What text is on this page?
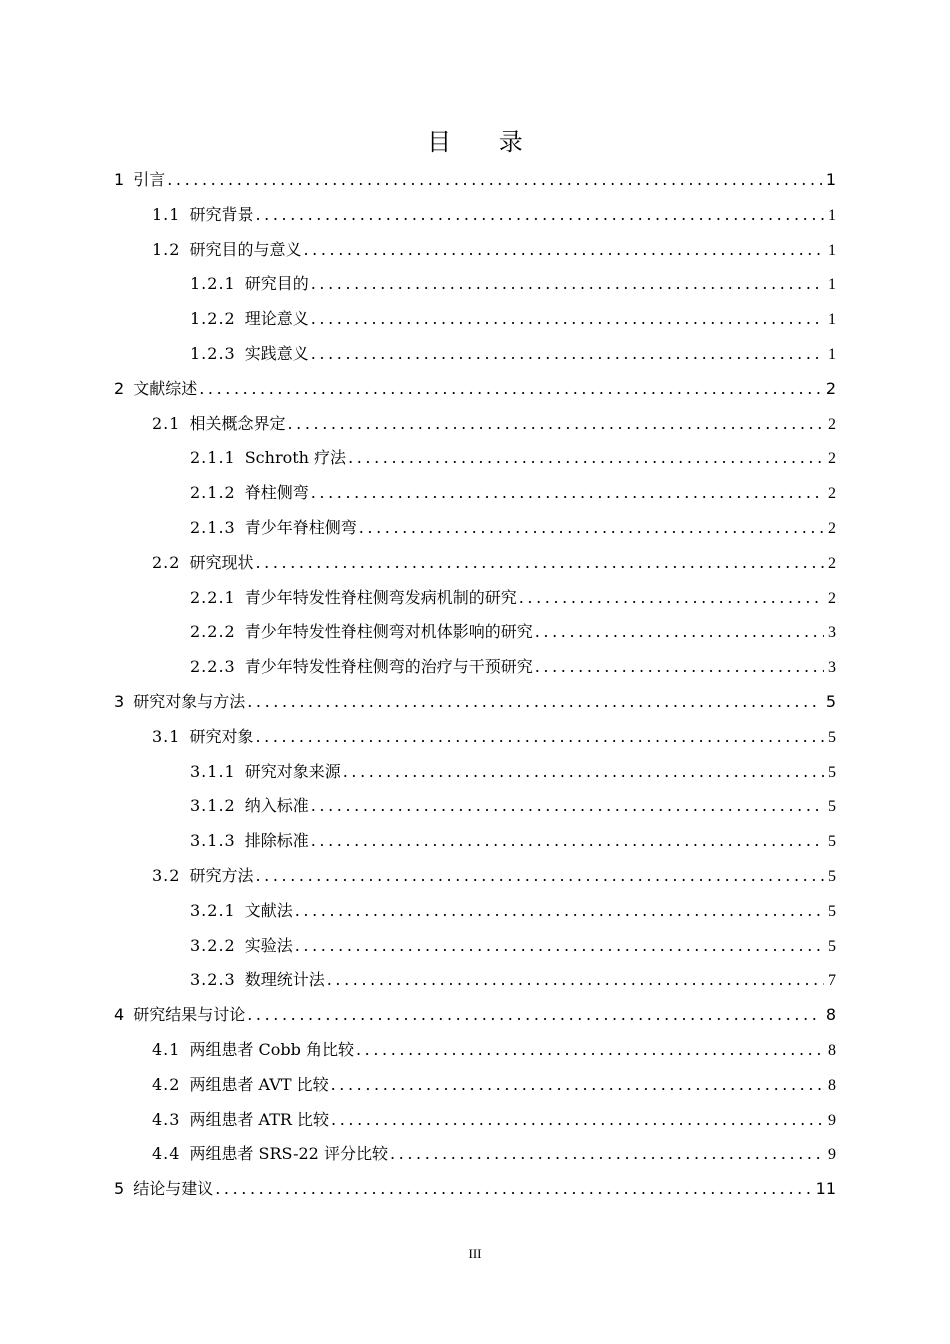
目 录
1 引言 .....	1
1.1 研究背景 .....	1
1.2 研究目的与意义 .....	1
1.2.1 研究目的 .....	1
1.2.2 理论意义 .....	1
1.2.3 实践意义 .....	1
2 文献综述 .....	2
2.1 相关概念界定 .....	2
2.1.1 Schroth 疗法 .....	2
2.1.2 脊柱侧弯 .....	2
2.1.3 青少年脊柱侧弯 .....	2
2.2 研究现状 .....	2
2.2.1 青少年特发性脊柱侧弯发病机制的研究 .....	2
2.2.2 青少年特发性脊柱侧弯对机体影响的研究 .....	3
2.2.3 青少年特发性脊柱侧弯的治疗与干预研究 .....	3
3 研究对象与方法 .....	5
3.1 研究对象 .....	5
3.1.1 研究对象来源 .....	5
3.1.2 纳入标准 .....	5
3.1.3 排除标准 .....	5
3.2 研究方法 .....	5
3.2.1 文献法 .....	5
3.2.2 实验法 .....	5
3.2.3 数理统计法 .....	7
4 研究结果与讨论 .....	8
4.1 两组患者 Cobb 角比较 .....	8
4.2 两组患者 AVT 比较 .....	8
4.3 两组患者 ATR 比较 .....	9
4.4 两组患者 SRS-22 评分比较 .....	9
5 结论与建议 .....	11
III
